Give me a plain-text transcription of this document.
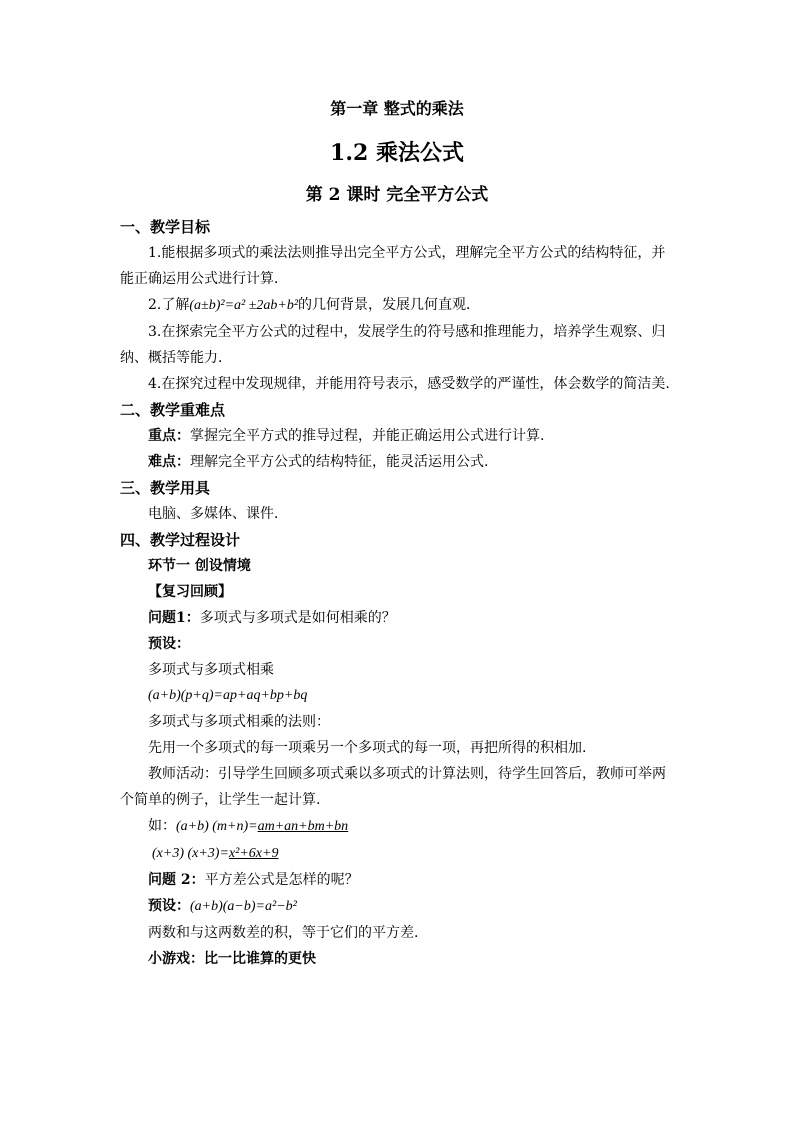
第一章 整式的乘法
1.2 乘法公式
第 2 课时 完全平方公式

一、教学目标

1.能根据多项式的乘法法则推导出完全平方公式，理解完全平方公式的结构特征，并能正确运用公式进行计算．

2.了解(a±b)²=a² ±2ab+b²的几何背景，发展几何直观．

3.在探索完全平方公式的过程中，发展学生的符号感和推理能力，培养学生观察、归纳、概括等能力．

4.在探究过程中发现规律，并能用符号表示，感受数学的严谨性，体会数学的简洁美.

二、教学重难点

重点：掌握完全平方式的推导过程，并能正确运用公式进行计算.

难点：理解完全平方公式的结构特征，能灵活运用公式.

三、教学用具

电脑、多媒体、课件．

四、教学过程设计

环节一 创设情境

【复习回顾】

问题1：多项式与多项式是如何相乘的？

预设：

多项式与多项式相乘

(a+b)(p+q)=ap+aq+bp+bq

多项式与多项式相乘的法则：

先用一个多项式的每一项乘另一个多项式的每一项，再把所得的积相加.

教师活动：引导学生回顾多项式乘以多项式的计算法则，待学生回答后，教师可举两个简单的例子，让学生一起计算.

如：(a+b) (m+n)=am+an+bm+bn

(x+3) (x+3)=x²+6x+9

问题 2：平方差公式是怎样的呢？

预设：(a+b)(a−b)=a²−b²

两数和与这两数差的积，等于它们的平方差.

小游戏：比一比谁算的更快
